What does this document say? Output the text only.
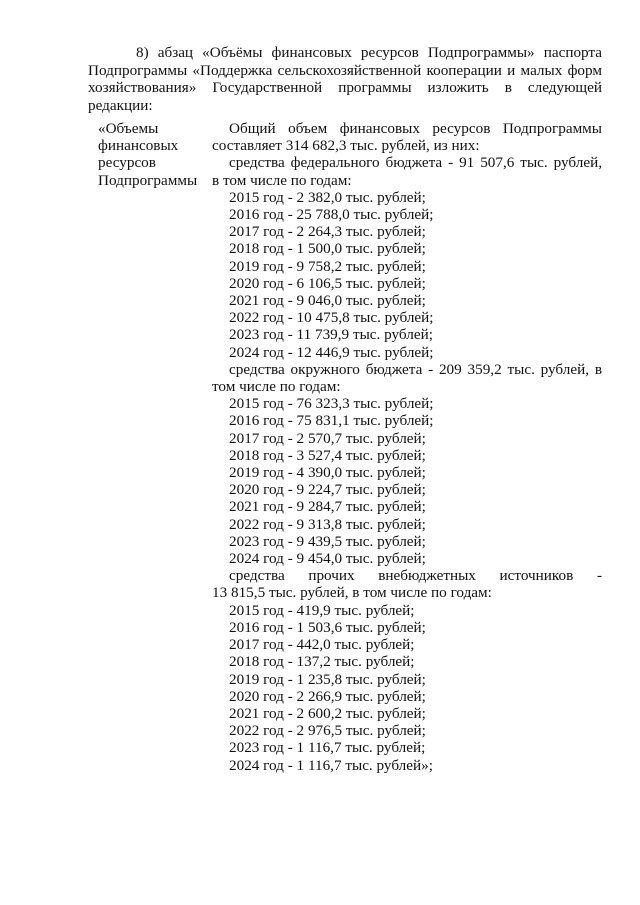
8) абзац «Объёмы финансовых ресурсов Подпрограммы» паспорта
Подпрограммы «Поддержка сельскохозяйственной кооперации и малых форм
хозяйствования» Государственной программы изложить в следующей
редакции:
«Объемы
финансовых
ресурсов
Подпрограммы
Общий объем финансовых ресурсов Подпрограммы
составляет 314 682,3 тыс. рублей, из них:
средства федерального бюджета - 91 507,6 тыс. рублей,
в том числе по годам:
2015 год - 2 382,0 тыс. рублей;
2016 год - 25 788,0 тыс. рублей;
2017 год - 2 264,3 тыс. рублей;
2018 год - 1 500,0 тыс. рублей;
2019 год - 9 758,2 тыс. рублей;
2020 год - 6 106,5 тыс. рублей;
2021 год - 9 046,0 тыс. рублей;
2022 год - 10 475,8 тыс. рублей;
2023 год - 11 739,9 тыс. рублей;
2024 год - 12 446,9 тыс. рублей;
средства окружного бюджета - 209 359,2 тыс. рублей, в
том числе по годам:
2015 год - 76 323,3 тыс. рублей;
2016 год - 75 831,1 тыс. рублей;
2017 год - 2 570,7 тыс. рублей;
2018 год - 3 527,4 тыс. рублей;
2019 год - 4 390,0 тыс. рублей;
2020 год - 9 224,7 тыс. рублей;
2021 год - 9 284,7 тыс. рублей;
2022 год - 9 313,8 тыс. рублей;
2023 год - 9 439,5 тыс. рублей;
2024 год - 9 454,0 тыс. рублей;
средства прочих внебюджетных источников -
13 815,5 тыс. рублей, в том числе по годам:
2015 год - 419,9 тыс. рублей;
2016 год - 1 503,6 тыс. рублей;
2017 год - 442,0 тыс. рублей;
2018 год - 137,2 тыс. рублей;
2019 год - 1 235,8 тыс. рублей;
2020 год - 2 266,9 тыс. рублей;
2021 год - 2 600,2 тыс. рублей;
2022 год - 2 976,5 тыс. рублей;
2023 год - 1 116,7 тыс. рублей;
2024 год - 1 116,7 тыс. рублей»;
